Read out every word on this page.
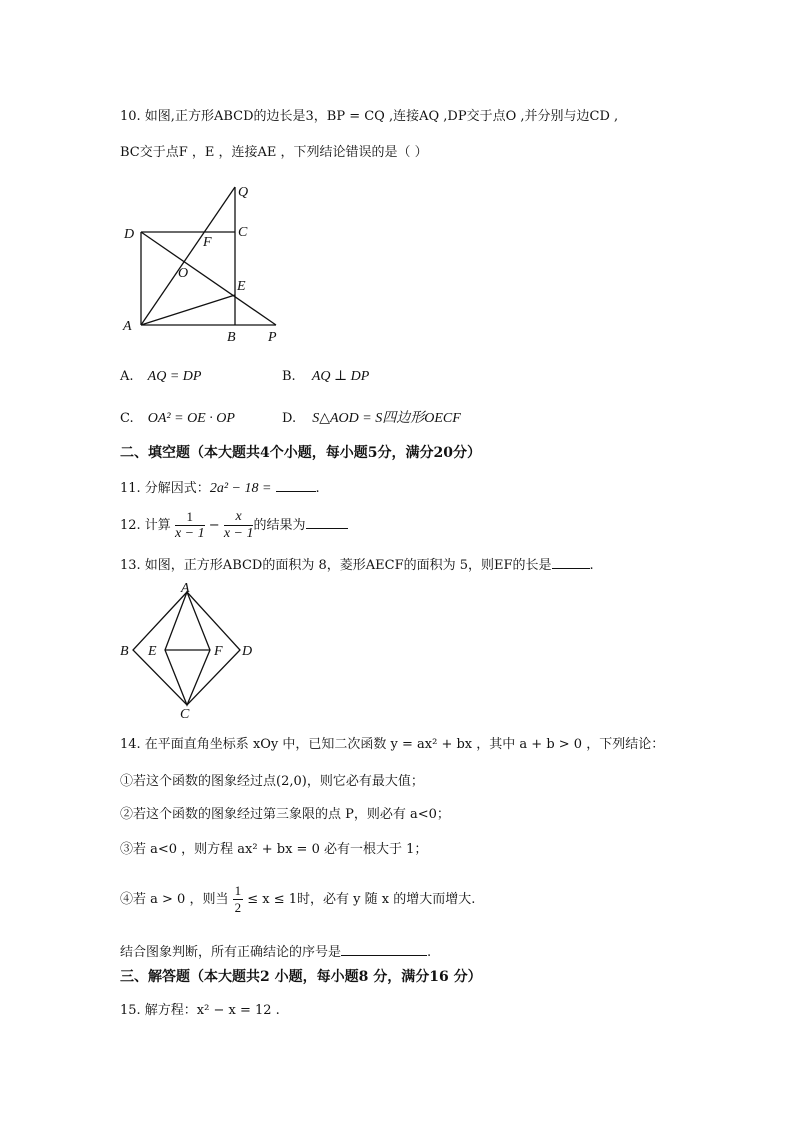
10. 如图,正方形ABCD的边长是3，BP = CQ ,连接AQ ,DP交于点O ,并分别与边CD ,
BC交于点F ，E ，连接AE ，下列结论错误的是（ ）
Q
D	C
F
O
E
A
B P
A. AQ = DP	B. AQ ⊥ DP
C. OA² = OE · OP	D. S△AOD = S四边形OECF
二、填空题（本大题共4个小题，每小题5分，满分20分）
11. 分解因式：2a² − 18 =	.
12. 计算 $\frac{1}{x - 1} - \frac{x}{x - 1}$ 的结果为
13. 如图，正方形ABCD的面积为 8，菱形AECF的面积为 5，则EF的长是	.
A
B E	F D
C
14. 在平面直角坐标系 xOy 中，已知二次函数 y = ax² + bx ，其中 a + b > 0 ，下列结论：
①若这个函数的图象经过点(2,0)，则它必有最大值；
②若这个函数的图象经过第三象限的点 P，则必有 a<0；
③若 a<0 ，则方程 ax² + bx = 0 必有一根大于 1；
④若 a > 0 ，则当 $\frac{1}{2} \le x \le 1$时，必有 y 随 x 的增大而增大.
结合图象判断，所有正确结论的序号是	.
三、解答题（本大题共2 小题，每小题8 分，满分16 分）
15. 解方程：x² − x = 12 .
